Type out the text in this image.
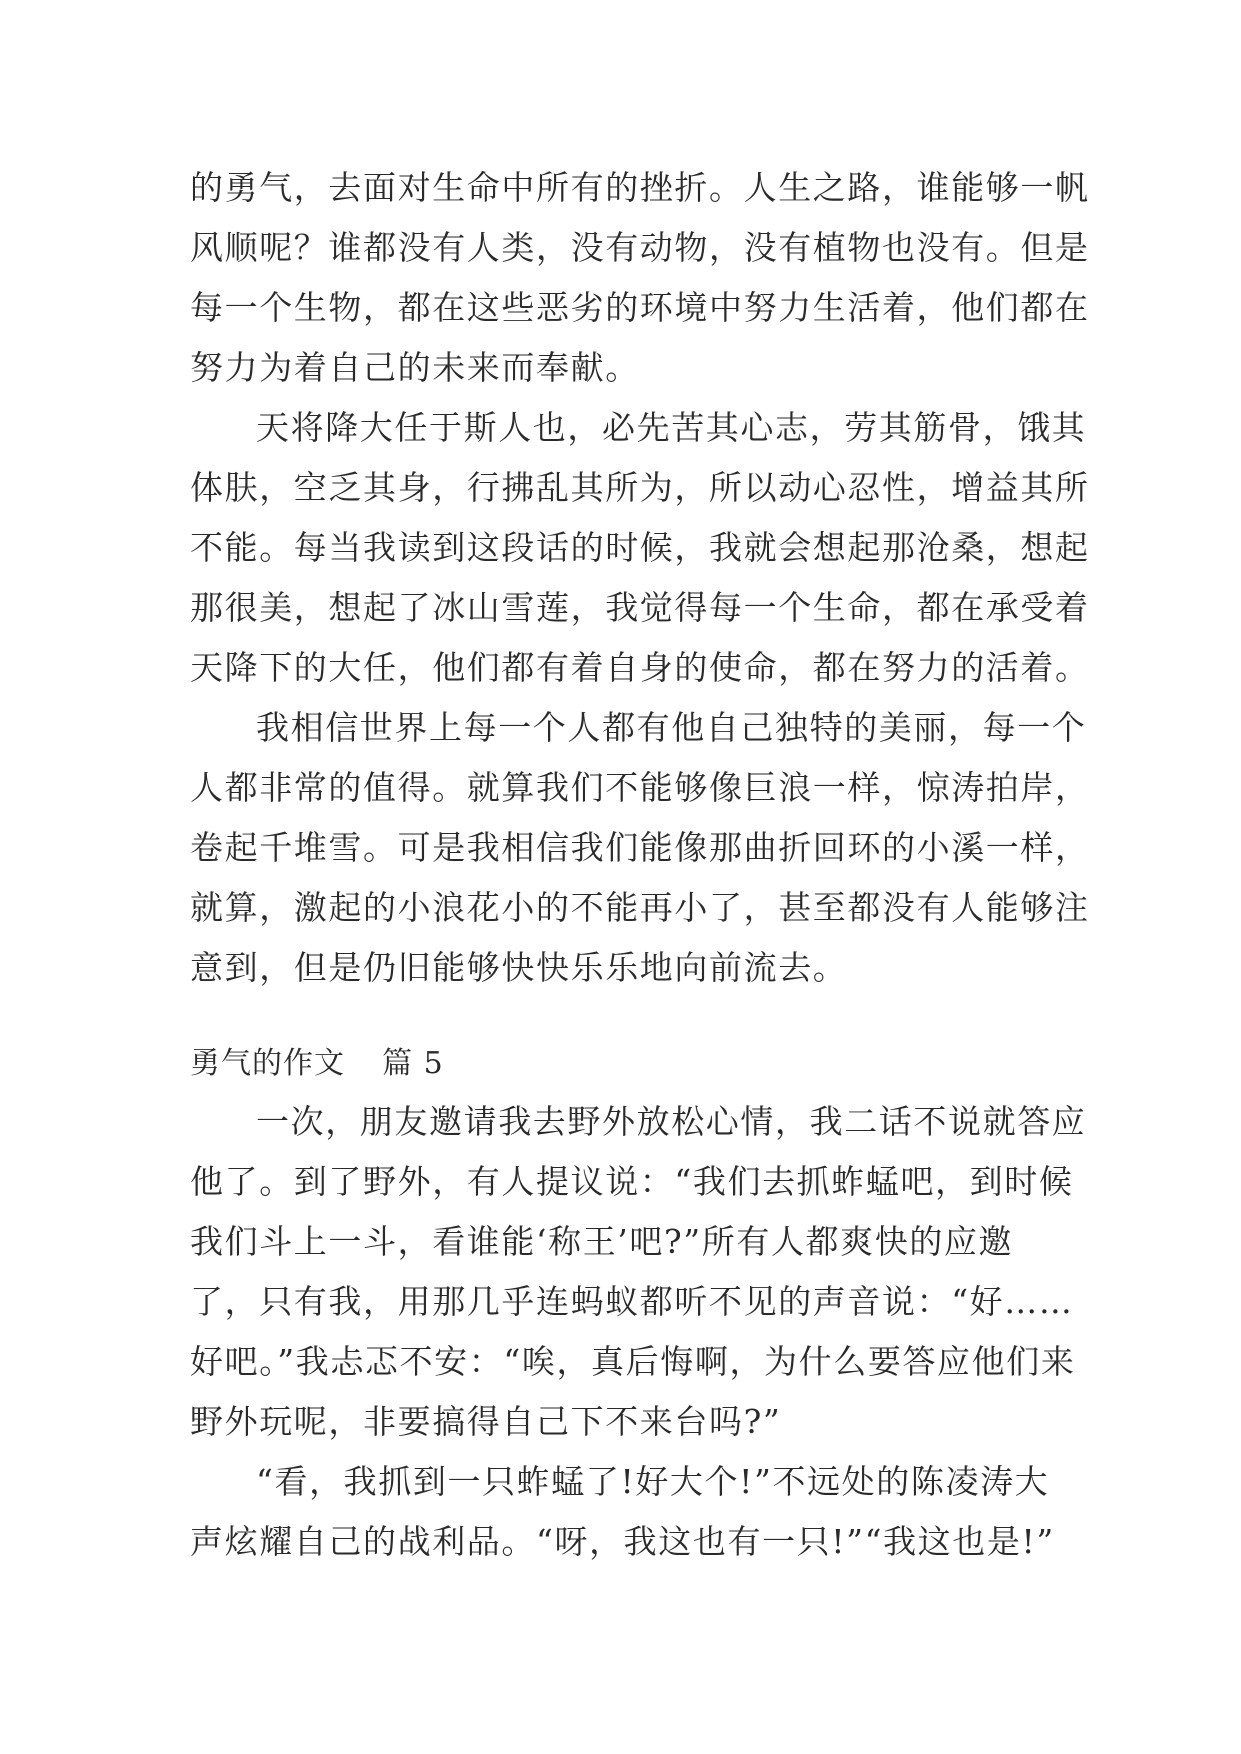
的勇气，去面对生命中所有的挫折。人生之路，谁能够一帆
风顺呢？谁都没有人类，没有动物，没有植物也没有。但是
每一个生物，都在这些恶劣的环境中努力生活着，他们都在
努力为着自己的未来而奉献。
天将降大任于斯人也，必先苦其心志，劳其筋骨，饿其
体肤，空乏其身，行拂乱其所为，所以动心忍性，增益其所
不能。每当我读到这段话的时候，我就会想起那沧桑，想起
那很美，想起了冰山雪莲，我觉得每一个生命，都在承受着
天降下的大任，他们都有着自身的使命，都在努力的活着。
我相信世界上每一个人都有他自己独特的美丽，每一个
人都非常的值得。就算我们不能够像巨浪一样，惊涛拍岸，
卷起千堆雪。可是我相信我们能像那曲折回环的小溪一样，
就算，激起的小浪花小的不能再小了，甚至都没有人能够注
意到，但是仍旧能够快快乐乐地向前流去。
勇气的作文 篇 5
一次，朋友邀请我去野外放松心情，我二话不说就答应
他了。到了野外，有人提议说：“我们去抓蚱蜢吧，到时候
我们斗上一斗，看谁能‘称王’吧?”所有人都爽快的应邀
了，只有我，用那几乎连蚂蚁都听不见的声音说：“好……
好吧。”我忐忑不安：“唉，真后悔啊，为什么要答应他们来
野外玩呢，非要搞得自己下不来台吗?”
“看，我抓到一只蚱蜢了!好大个!”不远处的陈凌涛大
声炫耀自己的战利品。“呀，我这也有一只!”“我这也是!”
